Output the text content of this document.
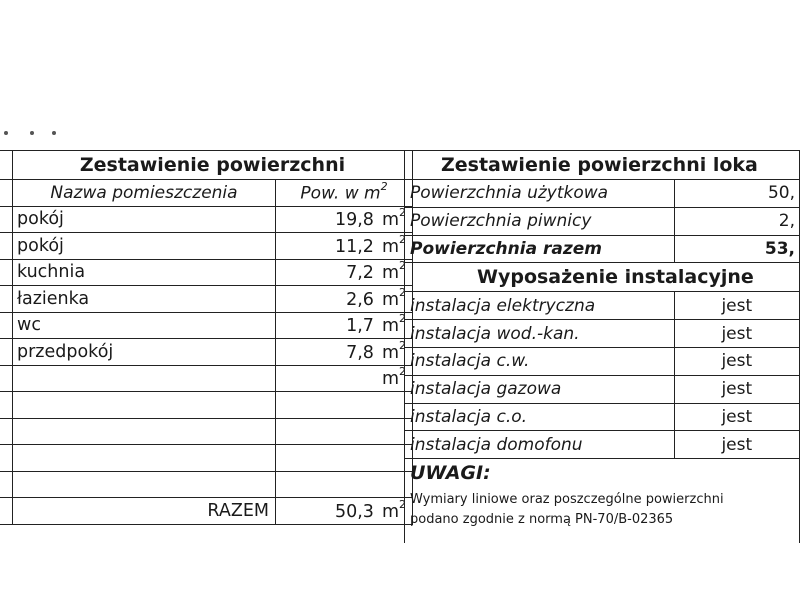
	Zestawienie powierzchni	
	Nazwa pomieszczenia	Pow. w $m^2$
	pokój	19,8 $m^2$
	pokój	11,2 $m^2$
	kuchnia	7,2 $m^2$
	łazienka	2,6 $m^2$
	wc	1,7 $m^2$
	przedpokój	7,8 $m^2$
		$m^2$

	RAZEM	50,3 $m^2$
Zestawienie powierzchni loka	
Powierzchnia użytkowa	50,
Powierzchnia piwnicy	2,
Powierzchnia razem	53,
Wyposażenie instalacyjne	
instalacja elektryczna	jest
instalacja wod.-kan.	jest
instalacja c.w.	jest
instalacja gazowa	jest
instalacja c.o.	jest
instalacja domofonu	jest

UWAGI:
Wymiary liniowe oraz poszczególne powierzchni
podano zgodnie z normą PN-70/B-02365	
